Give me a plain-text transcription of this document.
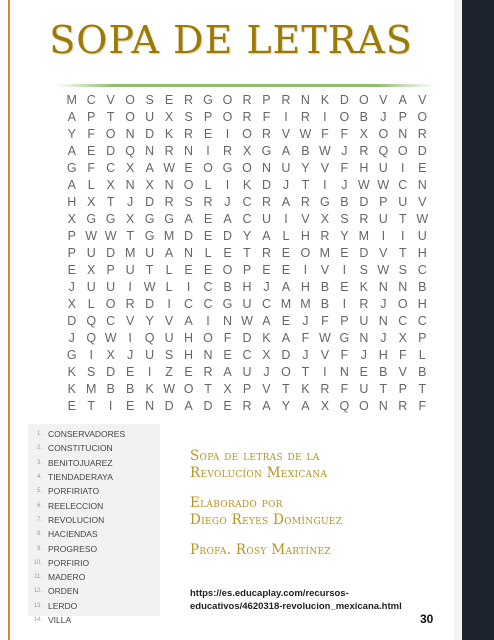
SOPA DE LETRAS
M C V O S E R G O R P R N K D O V A V
A P T O U X S P O R F	I	R	I	O B J P O
Y F O N D K R E	I	O R V W F F X O N R
A E D Q N R N	I	R X G A B W J R Q O D
G F C X A W E O G O N U Y V F H U	I	E
A L X N X N O L	I	K D J	T	I	J W W C N
H X T	J D R S R J C R A R G B D P U V
X G G X G G A E A C U	I	V X S R U T W
P W W T G M D E D Y A L H R Y M	I	I	U
P U D M U A N L E T R E O M E D V T H
E X P U T L E E O P E E	I	V	I	S W S C
J U U	I W L	I	C B H J A H B E K N N B
X L O R D	I	C C G U C M M B	I	R J O H
D Q C V Y V A	I	N W A E J	F P U N C C
J Q W I	Q U H O F D K A F W G N J X P
G	I	X J U S H N E C X D J V F	J H F L
K S D E	I	Z E R A U J O T	I	N E B V B
K M B B K W O T X P V T K R F U T P T
E T	I	E N D A D E R A Y A X Q O N R F
1. CONSERVADORES
2. CONSTITUCION
3. BENITOJUAREZ
4. TIENDADERAYA
5. PORFIRIATO
6. REELECCION
7. REVOLUCION
8. HACIENDAS
9. PROGRESO
10. PORFIRIO
11. MADERO
12. ORDEN
13. LERDO
14. VILLA
Sopa de letras de la
Revolucíon Mexicana
Elaborado por
Diego Reyes Domínguez
Profa. Rosy Martínez
https://es.educaplay.com/recursos-educativos/4620318-revolucion_mexicana.html
30
